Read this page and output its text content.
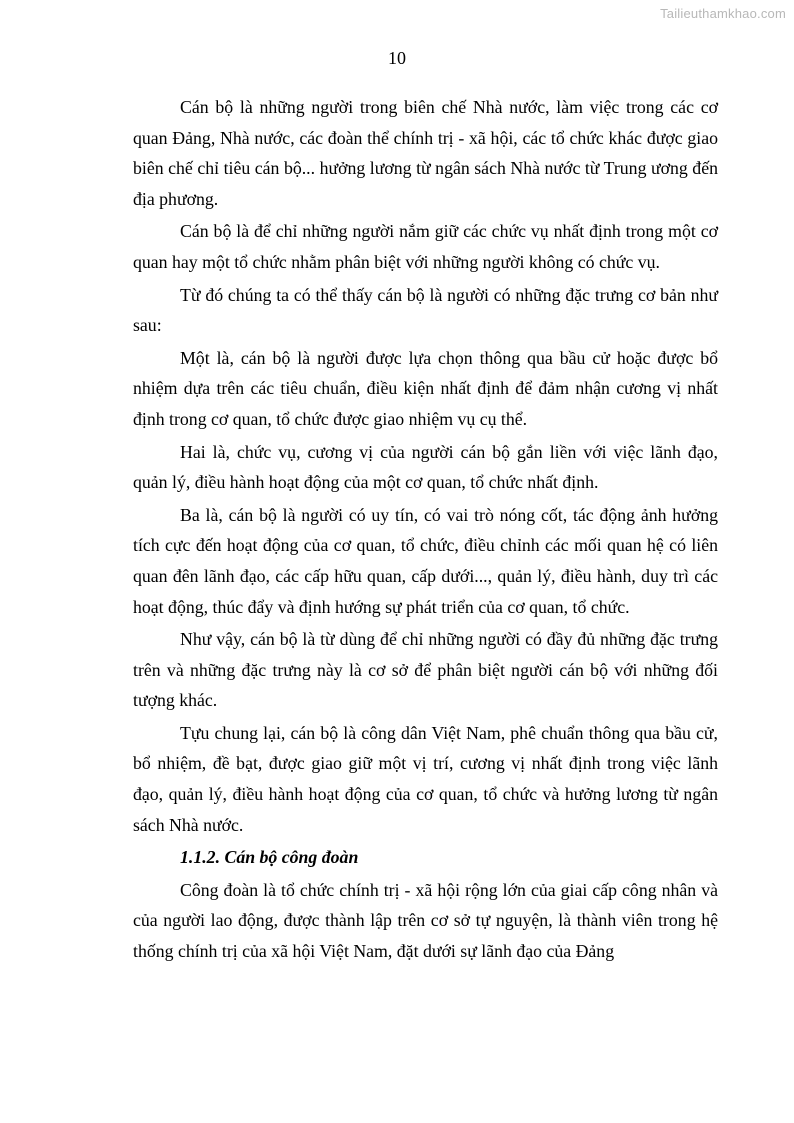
Tailieuthamkhao.com
10

Cán bộ là những người trong biên chế Nhà nước, làm việc trong các cơ quan Đảng, Nhà nước, các đoàn thể chính trị - xã hội, các tổ chức khác được giao biên chế chỉ tiêu cán bộ... hưởng lương từ ngân sách Nhà nước từ Trung ương đến địa phương.

Cán bộ là để chỉ những người nắm giữ các chức vụ nhất định trong một cơ quan hay một tổ chức nhằm phân biệt với những người không có chức vụ.

Từ đó chúng ta có thể thấy cán bộ là người có những đặc trưng cơ bản như sau:

Một là, cán bộ là người được lựa chọn thông qua bầu cử hoặc được bổ nhiệm dựa trên các tiêu chuẩn, điều kiện nhất định để đảm nhận cương vị nhất định trong cơ quan, tổ chức được giao nhiệm vụ cụ thể.

Hai là, chức vụ, cương vị của người cán bộ gắn liền với việc lãnh đạo, quản lý, điều hành hoạt động của một cơ quan, tổ chức nhất định.

Ba là, cán bộ là người có uy tín, có vai trò nóng cốt, tác động ảnh hưởng tích cực đến hoạt động của cơ quan, tổ chức, điều chỉnh các mối quan hệ có liên quan đên lãnh đạo, các cấp hữu quan, cấp dưới..., quản lý, điều hành, duy trì các hoạt động, thúc đẩy và định hướng sự phát triển của cơ quan, tổ chức.

Như vậy, cán bộ là từ dùng để chỉ những người có đầy đủ những đặc trưng trên và những đặc trưng này là cơ sở để phân biệt người cán bộ với những đối tượng khác.

Tựu chung lại, cán bộ là công dân Việt Nam, phê chuẩn thông qua bầu cử, bổ nhiệm, đề bạt, được giao giữ một vị trí, cương vị nhất định trong việc lãnh đạo, quản lý, điều hành hoạt động của cơ quan, tổ chức và hưởng lương từ ngân sách Nhà nước.

1.1.2. Cán bộ công đoàn

Công đoàn là tổ chức chính trị - xã hội rộng lớn của giai cấp công nhân và của người lao động, được thành lập trên cơ sở tự nguyện, là thành viên trong hệ thống chính trị của xã hội Việt Nam, đặt dưới sự lãnh đạo của Đảng
